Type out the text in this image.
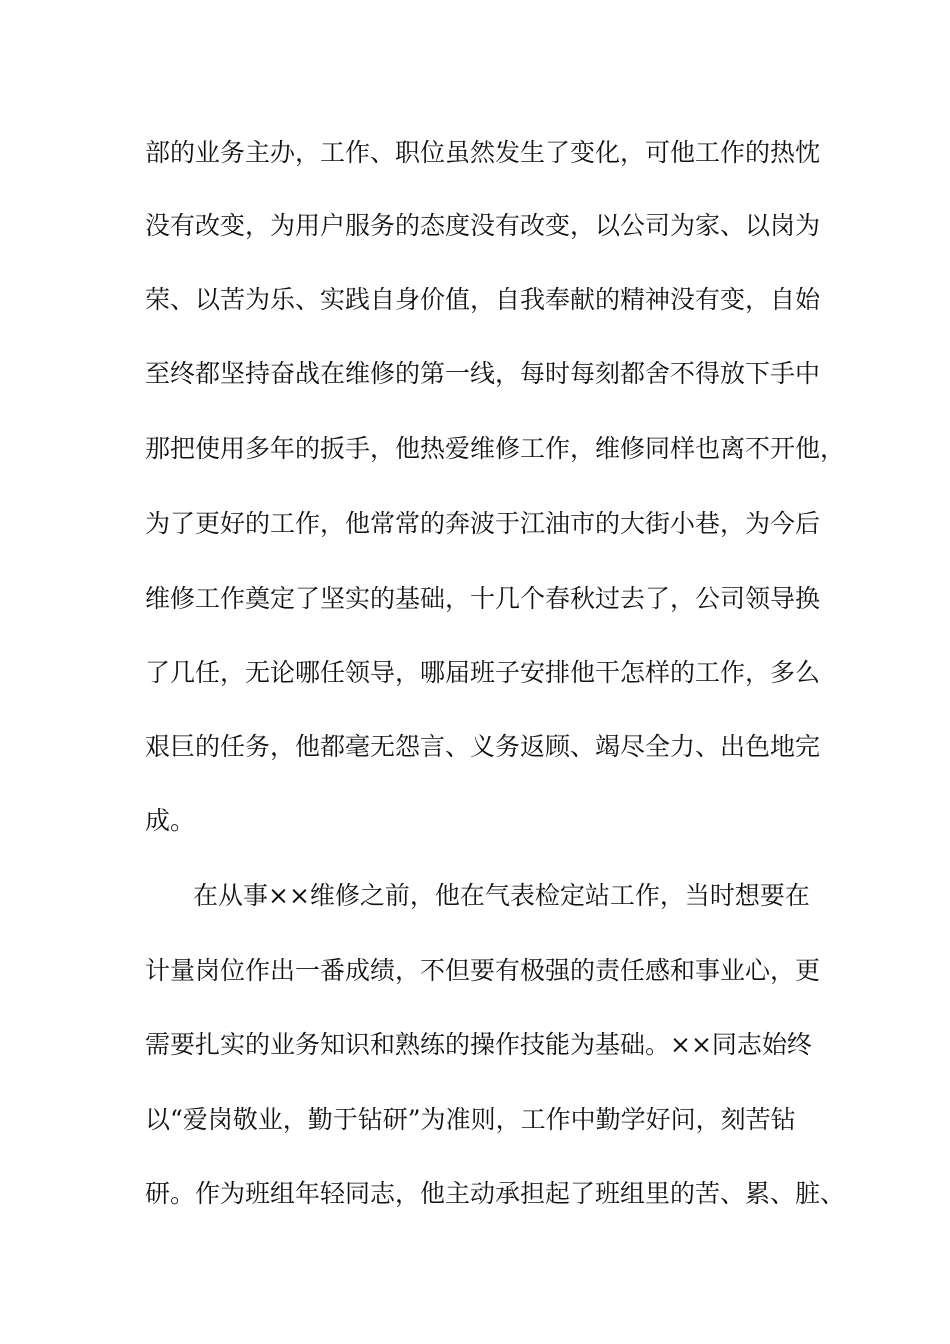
部的业务主办，工作、职位虽然发生了变化，可他工作的热忱
没有改变，为用户服务的态度没有改变，以公司为家、以岗为
荣、以苦为乐、实践自身价值，自我奉献的精神没有变，自始
至终都坚持奋战在维修的第一线，每时每刻都舍不得放下手中
那把使用多年的扳手，他热爱维修工作，维修同样也离不开他，
为了更好的工作，他常常的奔波于江油市的大街小巷，为今后
维修工作奠定了坚实的基础，十几个春秋过去了，公司领导换
了几任，无论哪任领导，哪届班子安排他干怎样的工作，多么
艰巨的任务，他都毫无怨言、义务返顾、竭尽全力、出色地完
成。
在从事××维修之前，他在气表检定站工作，当时想要在
计量岗位作出一番成绩，不但要有极强的责任感和事业心，更
需要扎实的业务知识和熟练的操作技能为基础。××同志始终
以“爱岗敬业，勤于钻研”为准则，工作中勤学好问，刻苦钻
研。作为班组年轻同志，他主动承担起了班组里的苦、累、脏、
